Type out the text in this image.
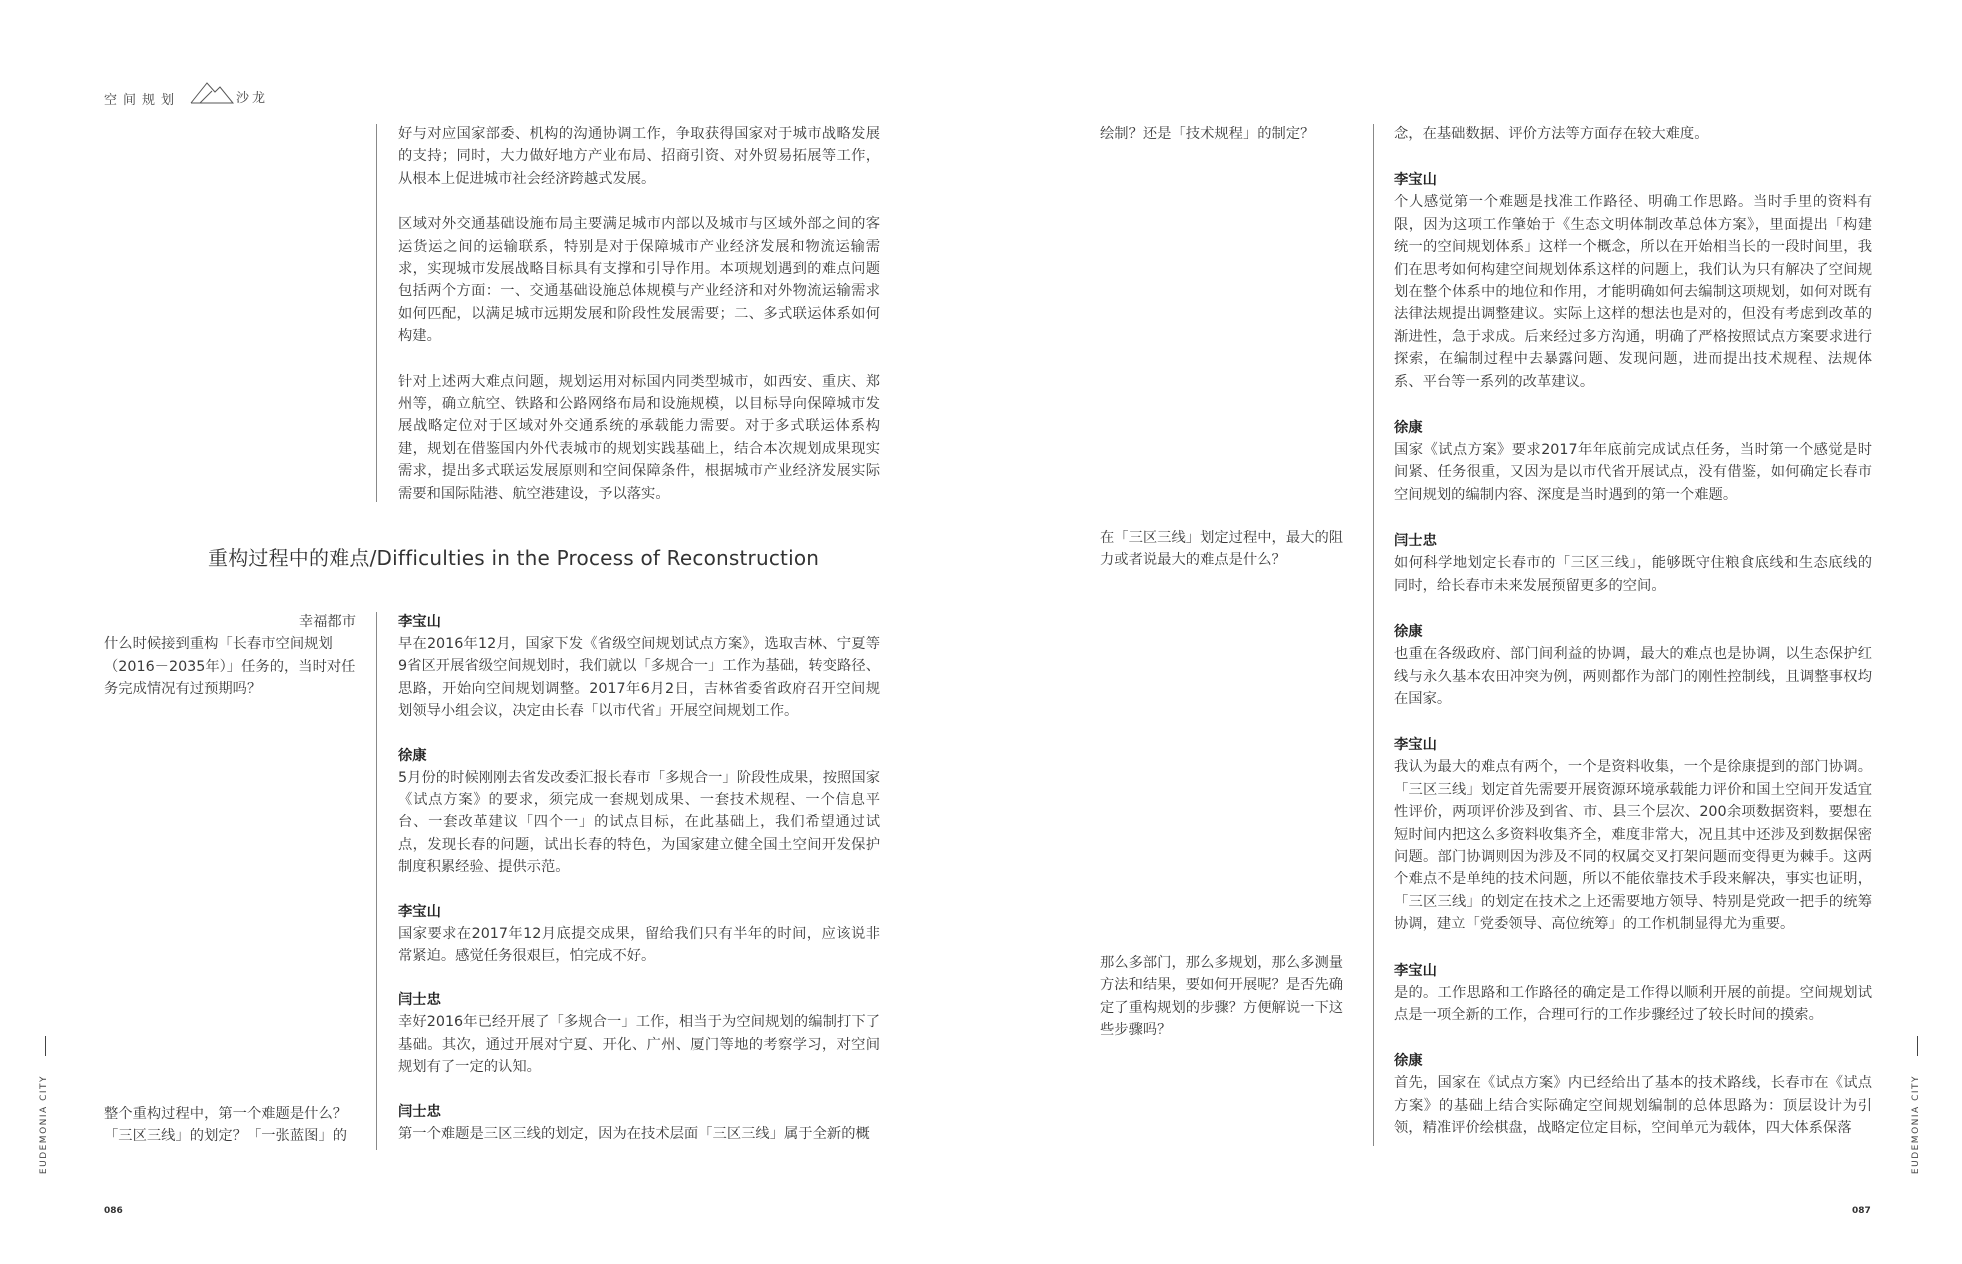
空间规划	沙龙

好与对应国家部委、机构的沟通协调工作，争取获得国家对于城市战略发展的支持；同时，大力做好地方产业布局、招商引资、对外贸易拓展等工作，从根本上促进城市社会经济跨越式发展。

区域对外交通基础设施布局主要满足城市内部以及城市与区域外部之间的客运货运之间的运输联系，特别是对于保障城市产业经济发展和物流运输需求，实现城市发展战略目标具有支撑和引导作用。本项规划遇到的难点问题包括两个方面：一、交通基础设施总体规模与产业经济和对外物流运输需求如何匹配，以满足城市远期发展和阶段性发展需要；二、多式联运体系如何构建。

针对上述两大难点问题，规划运用对标国内同类型城市，如西安、重庆、郑州等，确立航空、铁路和公路网络布局和设施规模，以目标导向保障城市发展战略定位对于区域对外交通系统的承载能力需要。对于多式联运体系构建，规划在借鉴国内外代表城市的规划实践基础上，结合本次规划成果现实需求，提出多式联运发展原则和空间保障条件，根据城市产业经济发展实际需要和国际陆港、航空港建设，予以落实。

重构过程中的难点/Difficulties in the Process of Reconstruction

幸福都市

什么时候接到重构「长春市空间规划（2016－2035年）」任务的，当时对任务完成情况有过预期吗？

整个重构过程中，第一个难题是什么？「三区三线」的划定？「一张蓝图」的

李宝山

早在2016年12月，国家下发《省级空间规划试点方案》，选取吉林、宁夏等9省区开展省级空间规划时，我们就以「多规合一」工作为基础，转变路径、思路，开始向空间规划调整。2017年6月2日，吉林省委省政府召开空间规划领导小组会议，决定由长春「以市代省」开展空间规划工作。

徐康

5月份的时候刚刚去省发改委汇报长春市「多规合一」阶段性成果，按照国家《试点方案》的要求，须完成一套规划成果、一套技术规程、一个信息平台、一套改革建议「四个一」的试点目标，在此基础上，我们希望通过试点，发现长春的问题，试出长春的特色，为国家建立健全国土空间开发保护制度积累经验、提供示范。

李宝山

国家要求在2017年12月底提交成果，留给我们只有半年的时间，应该说非常紧迫。感觉任务很艰巨，怕完成不好。

闫士忠

幸好2016年已经开展了「多规合一」工作，相当于为空间规划的编制打下了基础。其次，通过开展对宁夏、开化、广州、厦门等地的考察学习，对空间规划有了一定的认知。

闫士忠

第一个难题是三区三线的划定，因为在技术层面「三区三线」属于全新的概

EUDEMONIA CITY
086

绘制？还是「技术规程」的制定？

在「三区三线」划定过程中，最大的阻力或者说最大的难点是什么？

那么多部门，那么多规划，那么多测量方法和结果，要如何开展呢？是否先确定了重构规划的步骤？方便解说一下这些步骤吗？

念，在基础数据、评价方法等方面存在较大难度。

李宝山

个人感觉第一个难题是找准工作路径、明确工作思路。当时手里的资料有限，因为这项工作肇始于《生态文明体制改革总体方案》，里面提出「构建统一的空间规划体系」这样一个概念，所以在开始相当长的一段时间里，我们在思考如何构建空间规划体系这样的问题上，我们认为只有解决了空间规划在整个体系中的地位和作用，才能明确如何去编制这项规划，如何对既有法律法规提出调整建议。实际上这样的想法也是对的，但没有考虑到改革的渐进性，急于求成。后来经过多方沟通，明确了严格按照试点方案要求进行探索，在编制过程中去暴露问题、发现问题，进而提出技术规程、法规体系、平台等一系列的改革建议。

徐康

国家《试点方案》要求2017年年底前完成试点任务，当时第一个感觉是时间紧、任务很重，又因为是以市代省开展试点，没有借鉴，如何确定长春市空间规划的编制内容、深度是当时遇到的第一个难题。

闫士忠

如何科学地划定长春市的「三区三线」，能够既守住粮食底线和生态底线的同时，给长春市未来发展预留更多的空间。

徐康

也重在各级政府、部门间利益的协调，最大的难点也是协调，以生态保护红线与永久基本农田冲突为例，两则都作为部门的刚性控制线，且调整事权均在国家。

李宝山

我认为最大的难点有两个，一个是资料收集，一个是徐康提到的部门协调。「三区三线」划定首先需要开展资源环境承载能力评价和国土空间开发适宜性评价，两项评价涉及到省、市、县三个层次、200余项数据资料，要想在短时间内把这么多资料收集齐全，难度非常大，况且其中还涉及到数据保密问题。部门协调则因为涉及不同的权属交叉打架问题而变得更为棘手。这两个难点不是单纯的技术问题，所以不能依靠技术手段来解决，事实也证明，「三区三线」的划定在技术之上还需要地方领导、特别是党政一把手的统筹协调，建立「党委领导、高位统筹」的工作机制显得尤为重要。

李宝山

是的。工作思路和工作路径的确定是工作得以顺利开展的前提。空间规划试点是一项全新的工作，合理可行的工作步骤经过了较长时间的摸索。

徐康

首先，国家在《试点方案》内已经给出了基本的技术路线，长春市在《试点方案》的基础上结合实际确定空间规划编制的总体思路为：顶层设计为引领，精准评价绘棋盘，战略定位定目标，空间单元为载体，四大体系保落	EUDEMONIA CITY
087
